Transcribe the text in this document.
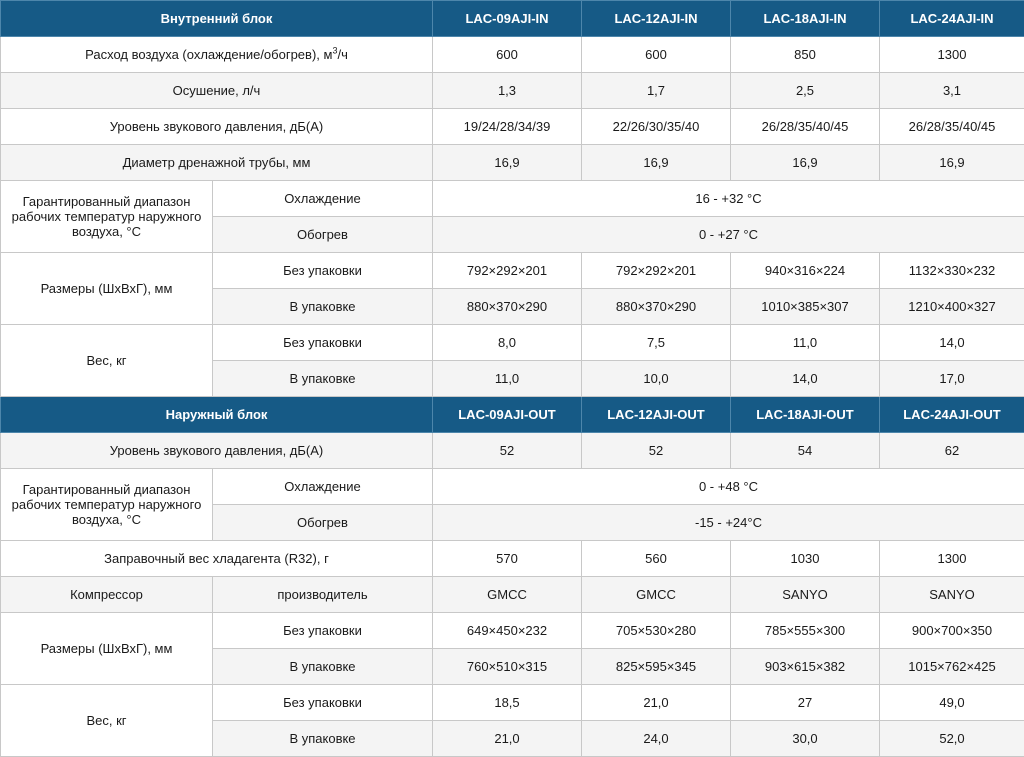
Внутренний блок		LAC-09AJI-IN	LAC-12AJI-IN	LAC-18AJI-IN	LAC-24AJI-IN
Расход воздуха (охлаждение/обогрев), $м^3/ч$		600	600	850	1300
Осушение, л/ч		1,3	1,7	2,5	3,1
Уровень звукового давления, дБ(А)		19/24/28/34/39	22/26/30/35/40	26/28/35/40/45	26/28/35/40/45
Диаметр дренажной трубы, мм		16,9	16,9	16,9	16,9
Гарантированный диапазон рабочих температур наружного воздуха, °С	Охлаждение	16 - +32 °С			
	Обогрев	0 - +27 °С			
Размеры (ШхВхГ), мм	Без упаковки	792×292×201	792×292×201	940×316×224	1132×330×232
	В упаковке	880×370×290	880×370×290	1010×385×307	1210×400×327
Вес, кг	Без упаковки	8,0	7,5	11,0	14,0
	В упаковке	11,0	10,0	14,0	17,0
Наружный блок		LAC-09AJI-OUT	LAC-12AJI-OUT	LAC-18AJI-OUT	LAC-24AJI-OUT
Уровень звукового давления, дБ(А)		52	52	54	62
Гарантированный диапазон рабочих температур наружного воздуха, °С	Охлаждение	0 - +48 °С			
	Обогрев	-15 - +24°С			
Заправочный вес хладагента (R32), г		570	560	1030	1300
Компрессор	производитель	GMCC	GMCC	SANYO	SANYO
Размеры (ШхВхГ), мм	Без упаковки	649×450×232	705×530×280	785×555×300	900×700×350
	В упаковке	760×510×315	825×595×345	903×615×382	1015×762×425
Вес, кг	Без упаковки	18,5	21,0	27	49,0
	В упаковке	21,0	24,0	30,0	52,0
